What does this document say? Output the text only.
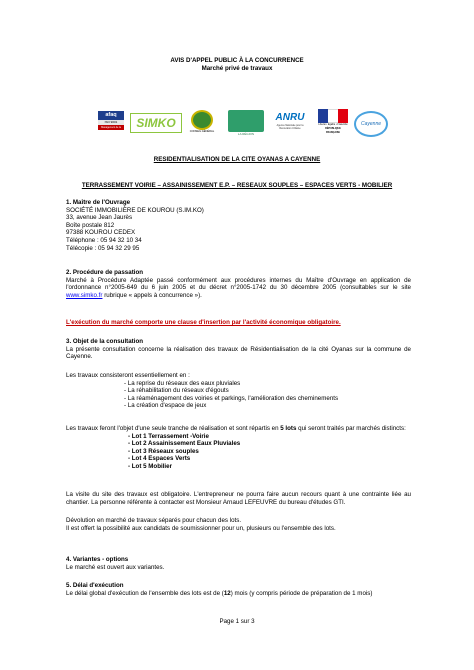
AVIS D'APPEL PUBLIC À LA CONCURRENCE
Marché privé de travaux
afaq
ISO 9001
Management de la qualité
SIMKO
CONSEIL GÉNÉRAL
LA RÉGION
ANRU
Agence Nationale pour la Rénovation Urbaine
Liberté • Égalité • Fraternité
RÉPUBLIQUE FRANÇAISE
Cayenne
RESIDENTIALISATION DE LA CITE OYANAS A CAYENNE
TERRASSEMENT VOIRIE – ASSAINISSEMENT E.P. – RESEAUX SOUPLES – ESPACES VERTS - MOBILIER
1. Maître de l'Ouvrage
SOCIÉTÉ IMMOBILIÈRE DE KOUROU (S.IM.KO)
33, avenue Jean Jaurès
Boîte postale 812
97388 KOUROU CEDEX
Téléphone : 05 94 32 10 34
Télécopie : 05 94 32 29 95
2. Procédure de passation
Marché à Procédure Adaptée passé conformément aux procédures internes du Maître d'Ouvrage en application de l'ordonnance n°2005-649 du 6 juin 2005 et du décret n°2005-1742 du 30 décembre 2005 (consultables sur le site www.simko.fr rubrique « appels à concurrence »).
L'exécution du marché comporte une clause d'insertion par l'activité économique obligatoire.
3. Objet de la consultation
La présente consultation concerne la réalisation des travaux de Résidentialisation de la cité Oyanas sur la commune de Cayenne.
Les travaux consisteront essentiellement en :
- La reprise du réseaux des eaux pluviales
- La réhabilitation du réseaux d'égouts
- La réaménagement des voiries et parkings, l'amélioration des cheminements
- La création d'espace de jeux
Les travaux feront l'objet d'une seule tranche de réalisation et sont répartis en 5 lots qui seront traités par marchés distincts:
- Lot 1 Terrassement -Voirie
- Lot 2 Assainissement Eaux Pluviales
- Lot 3 Réseaux souples
- Lot 4 Espaces Verts
- Lot 5 Mobilier
La visite du site des travaux est obligatoire. L'entrepreneur ne pourra faire aucun recours quant à une contrainte liée au chantier. La personne référente à contacter est Monsieur Arnaud LEFEUVRE du bureau d'études GTI.
Dévolution en marché de travaux séparés pour chacun des lots.
Il est offert la possibilité aux candidats de soumissionner pour un, plusieurs ou l'ensemble des lots.
4. Variantes - options
Le marché est ouvert aux variantes.
5. Délai d'exécution
Le délai global d'exécution de l'ensemble des lots est de (12) mois (y compris période de préparation de 1 mois)
Page 1 sur 3
